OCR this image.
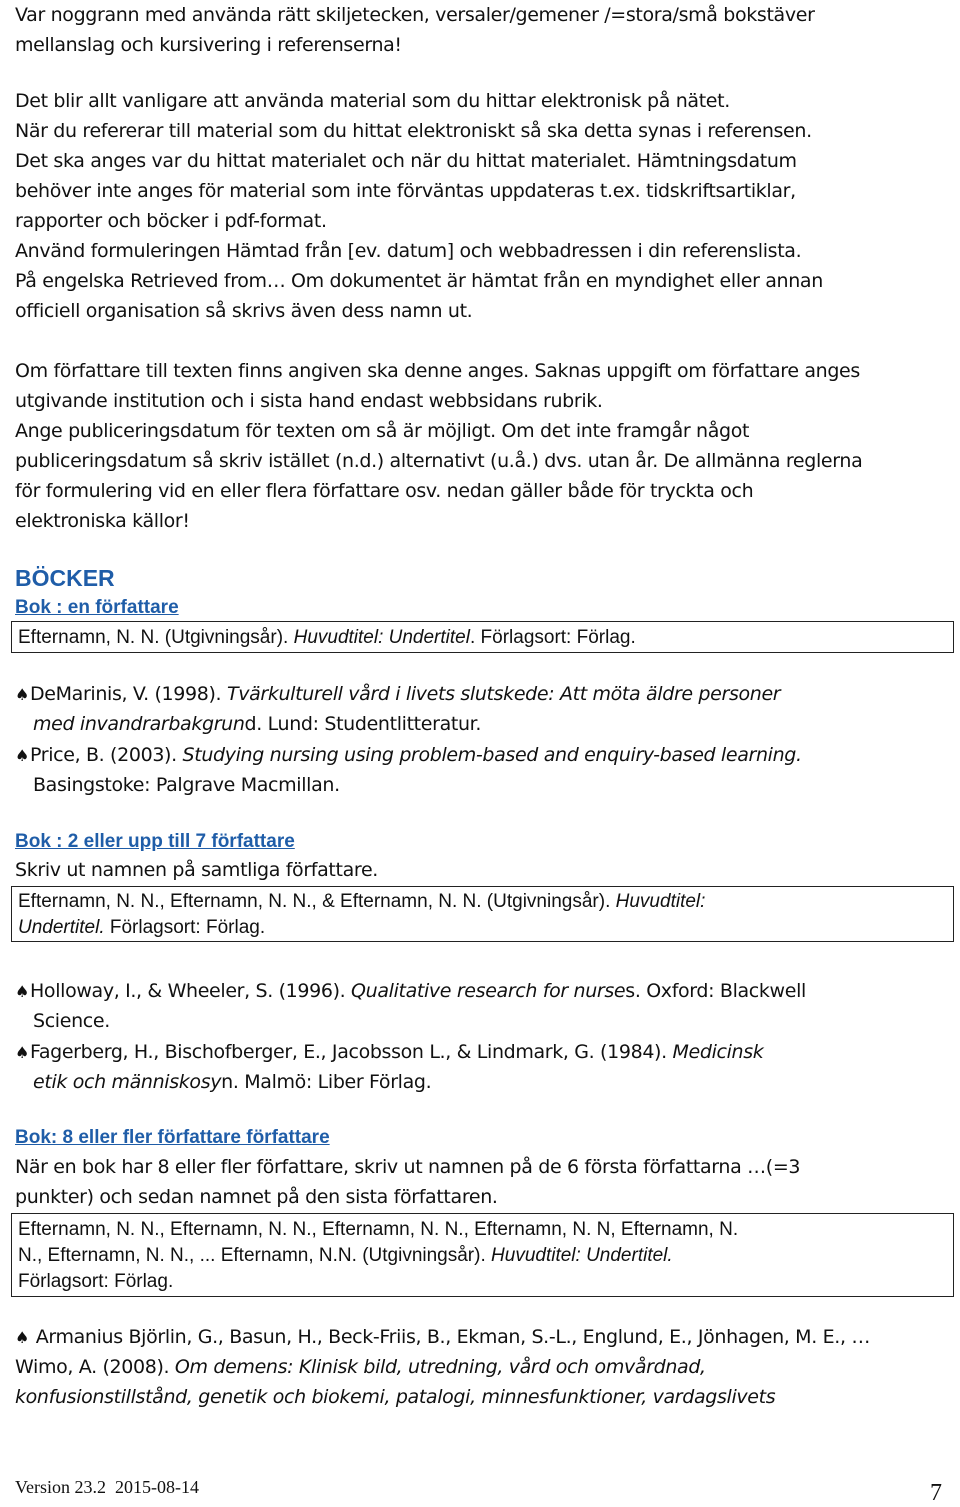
Var noggrann med använda rätt skiljetecken, versaler/gemener /=stora/små bokstäver
mellanslag och kursivering i referenserna!
Det blir allt vanligare att använda material som du hittar elektronisk på nätet.
När du refererar till material som du hittat elektroniskt så ska detta synas i referensen.
Det ska anges var du hittat materialet och när du hittat materialet. Hämtningsdatum
behöver inte anges för material som inte förväntas uppdateras t.ex. tidskriftsartiklar,
rapporter och böcker i pdf-format.
Använd formuleringen Hämtad från [ev. datum] och webbadressen i din referenslista.
På engelska Retrieved from… Om dokumentet är hämtat från en myndighet eller annan
officiell organisation så skrivs även dess namn ut.
Om författare till texten finns angiven ska denne anges. Saknas uppgift om författare anges
utgivande institution och i sista hand endast webbsidans rubrik.
Ange publiceringsdatum för texten om så är möjligt. Om det inte framgår något
publiceringsdatum så skriv istället (n.d.) alternativt (u.å.) dvs. utan år. De allmänna reglerna
för formulering vid en eller flera författare osv. nedan gäller både för tryckta och
elektroniska källor!
BÖCKER
Bok : en författare
Efternamn, N. N. (Utgivningsår). Huvudtitel: Undertitel. Förlagsort: Förlag.
♠DeMarinis, V. (1998). Tvärkulturell vård i livets slutskede: Att möta äldre personer
med invandrarbakgrund. Lund: Studentlitteratur.
♠Price, B. (2003). Studying nursing using problem-based and enquiry-based learning.
Basingstoke: Palgrave Macmillan.
Bok : 2 eller upp till 7 författare
Skriv ut namnen på samtliga författare.
Efternamn, N. N., Efternamn, N. N., & Efternamn, N. N. (Utgivningsår). Huvudtitel:
Undertitel. Förlagsort: Förlag.
♠Holloway, I., & Wheeler, S. (1996). Qualitative research for nurses. Oxford: Blackwell
Science.
♠Fagerberg, H., Bischofberger, E., Jacobsson L., & Lindmark, G. (1984). Medicinsk
etik och människosyn. Malmö: Liber Förlag.
Bok: 8 eller fler författare författare
När en bok har 8 eller fler författare, skriv ut namnen på de 6 första författarna …(=3
punkter) och sedan namnet på den sista författaren.
Efternamn, N. N., Efternamn, N. N., Efternamn, N. N., Efternamn, N. N, Efternamn, N.
N., Efternamn, N. N., ... Efternamn, N.N. (Utgivningsår). Huvudtitel: Undertitel.
Förlagsort: Förlag.
♠ Armanius Björlin, G., Basun, H., Beck-Friis, B., Ekman, S.-L., Englund, E., Jönhagen, M. E., …
Wimo, A. (2008). Om demens: Klinisk bild, utredning, vård och omvårdnad,
konfusionstillstånd, genetik och biokemi, patalogi, minnesfunktioner, vardagslivets
Version 23.2  2015-08-14	7
